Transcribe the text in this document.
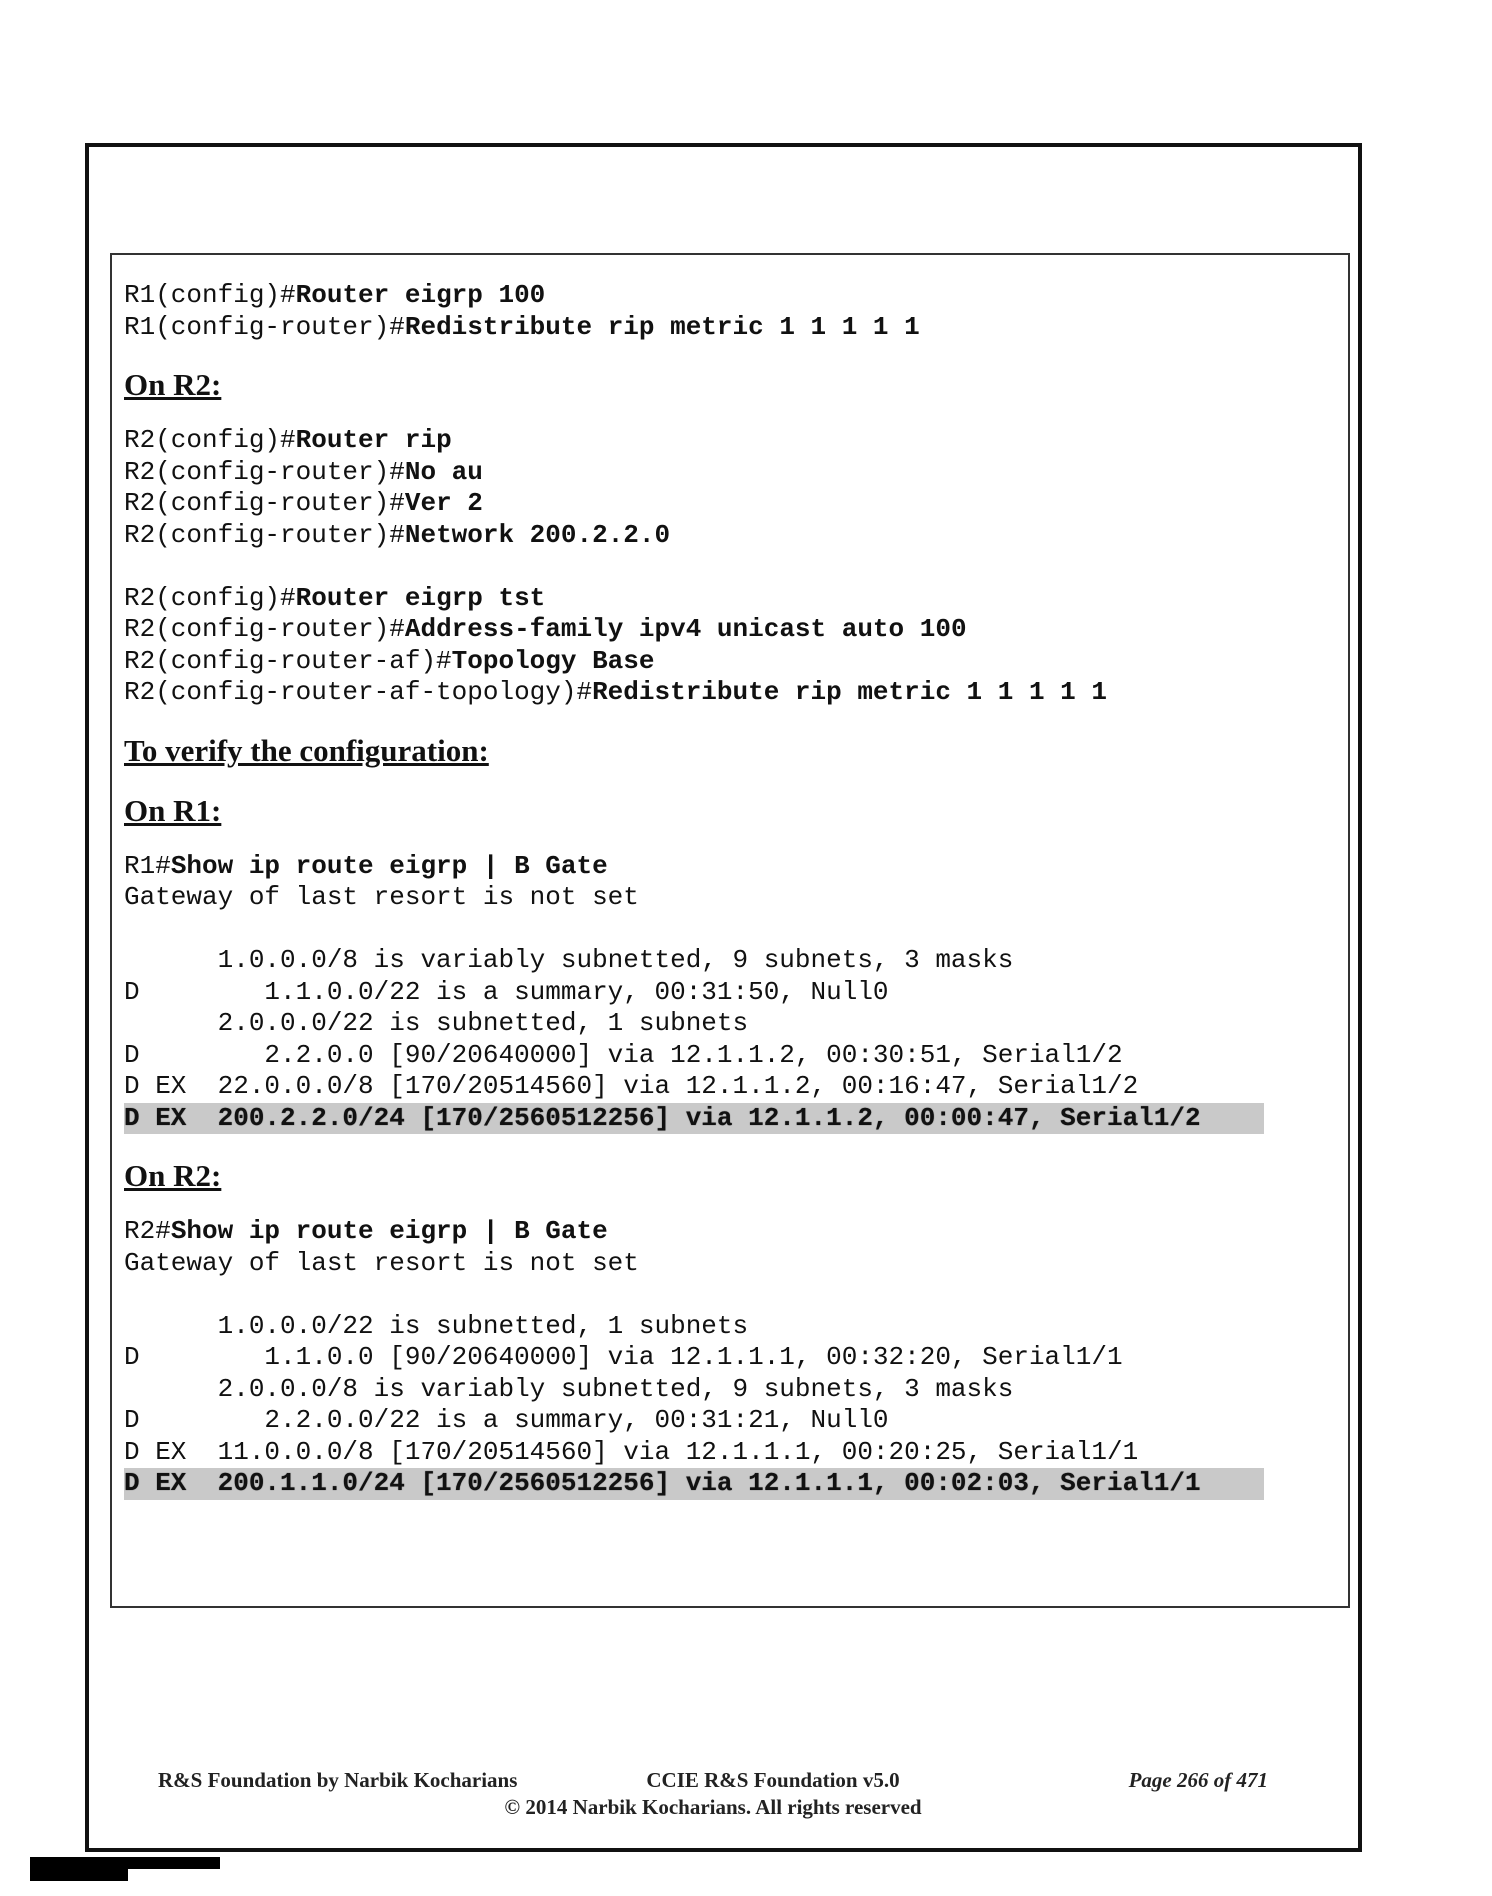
R1(config)#Router eigrp 100
R1(config-router)#Redistribute rip metric 1 1 1 1 1
On R2:
R2(config)#Router rip
R2(config-router)#No au
R2(config-router)#Ver 2
R2(config-router)#Network 200.2.2.0
R2(config)#Router eigrp tst
R2(config-router)#Address-family ipv4 unicast auto 100
R2(config-router-af)#Topology Base
R2(config-router-af-topology)#Redistribute rip metric 1 1 1 1 1
To verify the configuration:
On R1:
R1#Show ip route eigrp | B Gate
Gateway of last resort is not set
1.0.0.0/8 is variably subnetted, 9 subnets, 3 masks
D        1.1.0.0/22 is a summary, 00:31:50, Null0
2.0.0.0/22 is subnetted, 1 subnets
D        2.2.0.0 [90/20640000] via 12.1.1.2, 00:30:51, Serial1/2
D EX  22.0.0.0/8 [170/20514560] via 12.1.1.2, 00:16:47, Serial1/2
D EX  200.2.2.0/24 [170/2560512256] via 12.1.1.2, 00:00:47, Serial1/2
On R2:
R2#Show ip route eigrp | B Gate
Gateway of last resort is not set
1.0.0.0/22 is subnetted, 1 subnets
D        1.1.0.0 [90/20640000] via 12.1.1.1, 00:32:20, Serial1/1
2.0.0.0/8 is variably subnetted, 9 subnets, 3 masks
D        2.2.0.0/22 is a summary, 00:31:21, Null0
D EX  11.0.0.0/8 [170/20514560] via 12.1.1.1, 00:20:25, Serial1/1
D EX  200.1.1.0/24 [170/2560512256] via 12.1.1.1, 00:02:03, Serial1/1
R&S Foundation by Narbik Kocharians	CCIE R&S Foundation v5.0	Page 266 of 471
© 2014 Narbik Kocharians. All rights reserved
